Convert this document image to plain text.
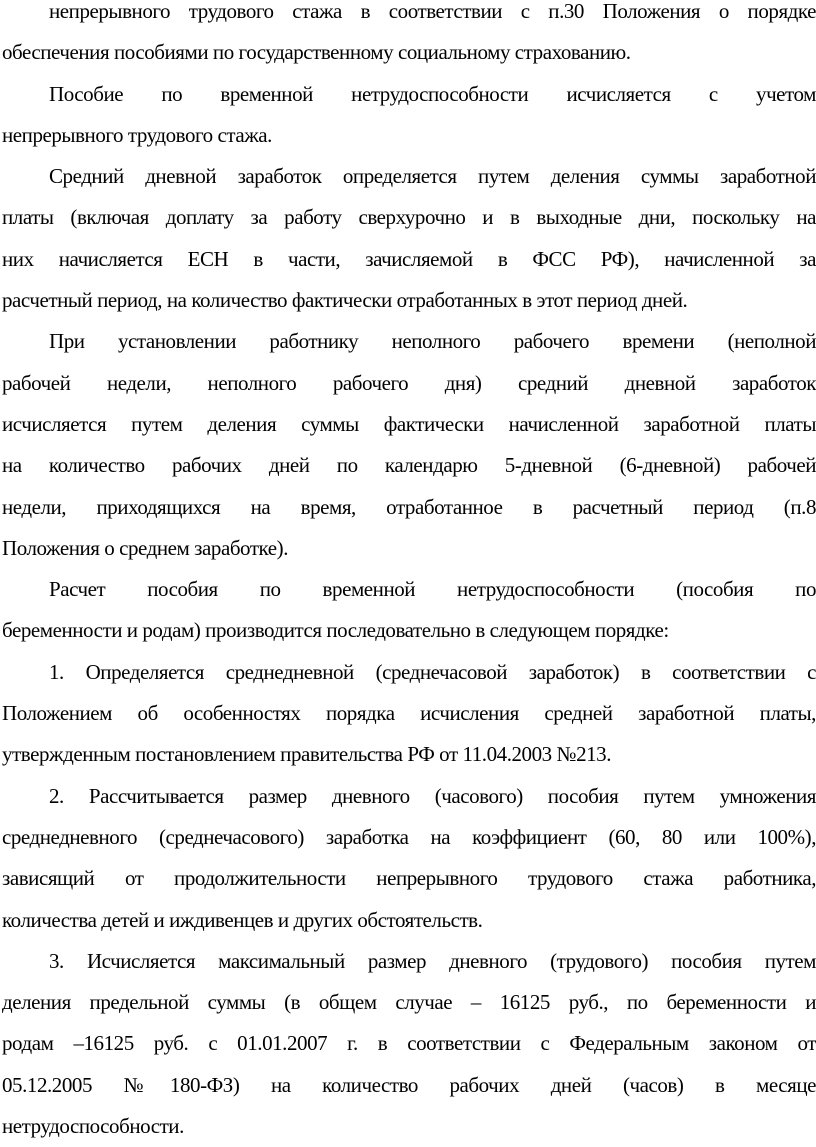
непрерывного трудового стажа в соответствии с п.30 Положения о порядке
обеспечения пособиями по государственному социальному страхованию.
Пособие по временной нетрудоспособности исчисляется с учетом
непрерывного трудового стажа.
Средний дневной заработок определяется путем деления суммы заработной
платы (включая доплату за работу сверхурочно и в выходные дни, поскольку на
них начисляется ЕСН в части, зачисляемой в ФСС РФ), начисленной за
расчетный период, на количество фактически отработанных в этот период дней.
При установлении работнику неполного рабочего времени (неполной
рабочей недели, неполного рабочего дня) средний дневной заработок
исчисляется путем деления суммы фактически начисленной заработной платы
на количество рабочих дней по календарю 5-дневной (6-дневной) рабочей
недели, приходящихся на время, отработанное в расчетный период (п.8
Положения о среднем заработке).
Расчет пособия по временной нетрудоспособности (пособия по
беременности и родам) производится последовательно в следующем порядке:
1. Определяется среднедневной (среднечасовой заработок) в соответствии с
Положением об особенностях порядка исчисления средней заработной платы,
утвержденным постановлением правительства РФ от 11.04.2003 №213.
2. Рассчитывается размер дневного (часового) пособия путем умножения
среднедневного (среднечасового) заработка на коэффициент (60, 80 или 100%),
зависящий от продолжительности непрерывного трудового стажа работника,
количества детей и иждивенцев и других обстоятельств.
3. Исчисляется максимальный размер дневного (трудового) пособия путем
деления предельной суммы (в общем случае – 16125 руб., по беременности и
родам –16125 руб. с 01.01.2007 г. в соответствии с Федеральным законом от
05.12.2005 №180-ФЗ) на количество рабочих дней (часов) в месяце
нетрудоспособности.
